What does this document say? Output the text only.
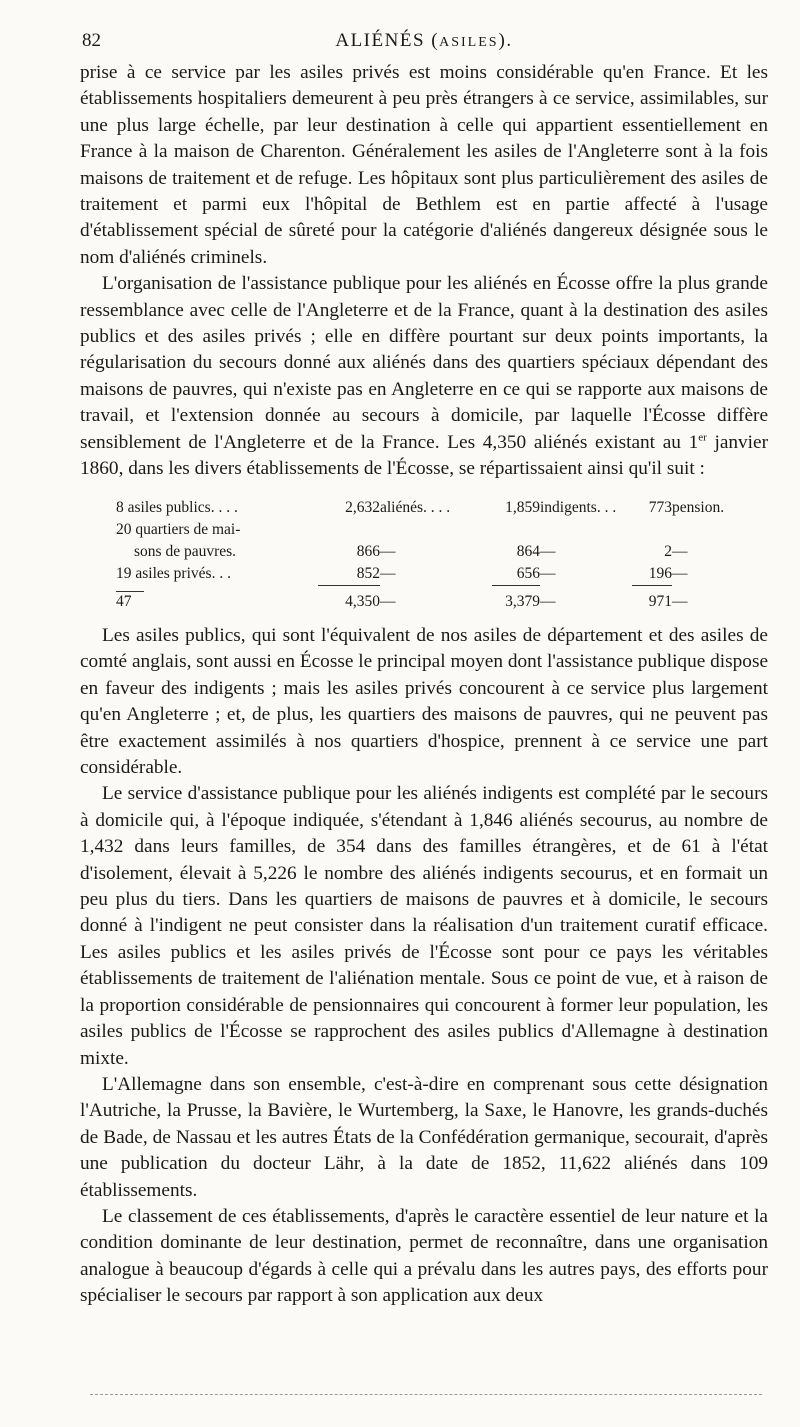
82	ALIÉNÉS (ASILES).

prise à ce service par les asiles privés est moins considérable qu'en France. Et les établissements hospitaliers demeurent à peu près étrangers à ce service, assimilables, sur une plus large échelle, par leur destination à celle qui appartient essentiellement en France à la maison de Charenton. Généralement les asiles de l'Angleterre sont à la fois maisons de traitement et de refuge. Les hôpitaux sont plus particulièrement des asiles de traitement et parmi eux l'hôpital de Bethlem est en partie affecté à l'usage d'établissement spécial de sûreté pour la catégorie d'aliénés dangereux désignée sous le nom d'aliénés criminels.

L'organisation de l'assistance publique pour les aliénés en Écosse offre la plus grande ressemblance avec celle de l'Angleterre et de la France, quant à la destination des asiles publics et des asiles privés ; elle en diffère pourtant sur deux points importants, la régularisation du secours donné aux aliénés dans des quartiers spéciaux dépendant des maisons de pauvres, qui n'existe pas en Angleterre en ce qui se rapporte aux maisons de travail, et l'extension donnée au secours à domicile, par laquelle l'Écosse diffère sensiblement de l'Angleterre et de la France. Les 4,350 aliénés existant au 1er janvier 1860, dans les divers établissements de l'Écosse, se répartissaient ainsi qu'il suit :

8 asiles publics. . . .	2,632	aliénés. . . .	1,859	indigents. . .	773	pension.
20 quartiers de mai-						
sons de pauvres.	866	—	864	—	2	—
19 asiles privés. . .	852	—	656	—	196	—
47	4,350	—	3,379	—	971	—

Les asiles publics, qui sont l'équivalent de nos asiles de département et des asiles de comté anglais, sont aussi en Écosse le principal moyen dont l'assistance publique dispose en faveur des indigents ; mais les asiles privés concourent à ce service plus largement qu'en Angleterre ; et, de plus, les quartiers des maisons de pauvres, qui ne peuvent pas être exactement assimilés à nos quartiers d'hospice, prennent à ce service une part considérable.

Le service d'assistance publique pour les aliénés indigents est complété par le secours à domicile qui, à l'époque indiquée, s'étendant à 1,846 aliénés secourus, au nombre de 1,432 dans leurs familles, de 354 dans des familles étrangères, et de 61 à l'état d'isolement, élevait à 5,226 le nombre des aliénés indigents secourus, et en formait un peu plus du tiers. Dans les quartiers de maisons de pauvres et à domicile, le secours donné à l'indigent ne peut consister dans la réalisation d'un traitement curatif efficace. Les asiles publics et les asiles privés de l'Écosse sont pour ce pays les véritables établissements de traitement de l'aliénation mentale. Sous ce point de vue, et à raison de la proportion considérable de pensionnaires qui concourent à former leur population, les asiles publics de l'Écosse se rapprochent des asiles publics d'Allemagne à destination mixte.

L'Allemagne dans son ensemble, c'est-à-dire en comprenant sous cette désignation l'Autriche, la Prusse, la Bavière, le Wurtemberg, la Saxe, le Hanovre, les grands-duchés de Bade, de Nassau et les autres États de la Confédération germanique, secourait, d'après une publication du docteur Lähr, à la date de 1852, 11,622 aliénés dans 109 établissements.

Le classement de ces établissements, d'après le caractère essentiel de leur nature et la condition dominante de leur destination, permet de reconnaître, dans une organisation analogue à beaucoup d'égards à celle qui a prévalu dans les autres pays, des efforts pour spécialiser le secours par rapport à son application aux deux
